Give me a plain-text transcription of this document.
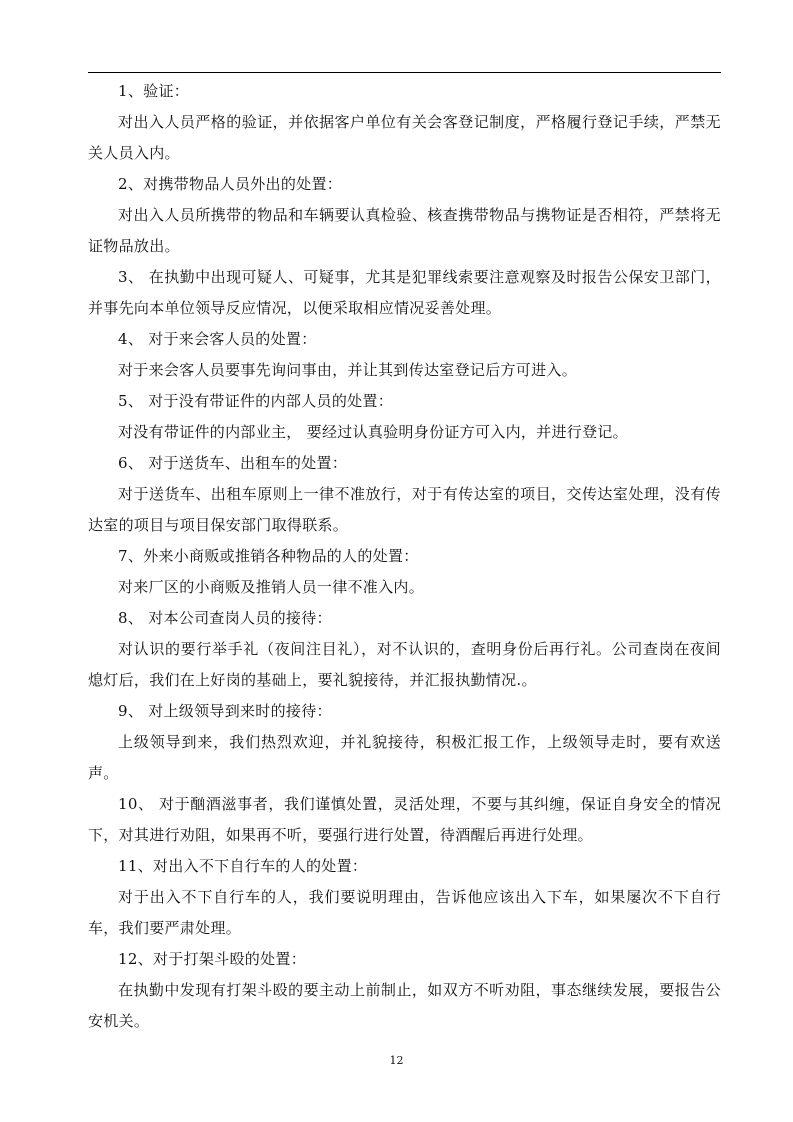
1、验证：

对出入人员严格的验证，并依据客户单位有关会客登记制度，严格履行登记手续，严禁无关人员入内。

2、对携带物品人员外出的处置：

对出入人员所携带的物品和车辆要认真检验、核查携带物品与携物证是否相符，严禁将无证物品放出。

3、 在执勤中出现可疑人、可疑事，尤其是犯罪线索要注意观察及时报告公保安卫部门，并事先向本单位领导反应情况，以便采取相应情况妥善处理。

4、 对于来会客人员的处置：

对于来会客人员要事先询问事由，并让其到传达室登记后方可进入。

5、 对于没有带证件的内部人员的处置：

对没有带证件的内部业主， 要经过认真验明身份证方可入内，并进行登记。

6、 对于送货车、出租车的处置：

对于送货车、出租车原则上一律不准放行，对于有传达室的项目，交传达室处理，没有传达室的项目与项目保安部门取得联系。

7、外来小商贩或推销各种物品的人的处置：

对来厂区的小商贩及推销人员一律不准入内。

8、 对本公司查岗人员的接待：

对认识的要行举手礼（夜间注目礼），对不认识的，查明身份后再行礼。公司查岗在夜间熄灯后，我们在上好岗的基础上，要礼貌接待，并汇报执勤情况.。

9、 对上级领导到来时的接待：

上级领导到来，我们热烈欢迎，并礼貌接待，积极汇报工作，上级领导走时，要有欢送声。

10、 对于酗酒滋事者，我们谨慎处置，灵活处理，不要与其纠缠，保证自身安全的情况下，对其进行劝阻，如果再不听，要强行进行处置，待酒醒后再进行处理。

11、对出入不下自行车的人的处置：

对于出入不下自行车的人，我们要说明理由，告诉他应该出入下车，如果屡次不下自行车，我们要严肃处理。

12、对于打架斗殴的处置：

在执勤中发现有打架斗殴的要主动上前制止，如双方不听劝阻，事态继续发展，要报告公安机关。

12
